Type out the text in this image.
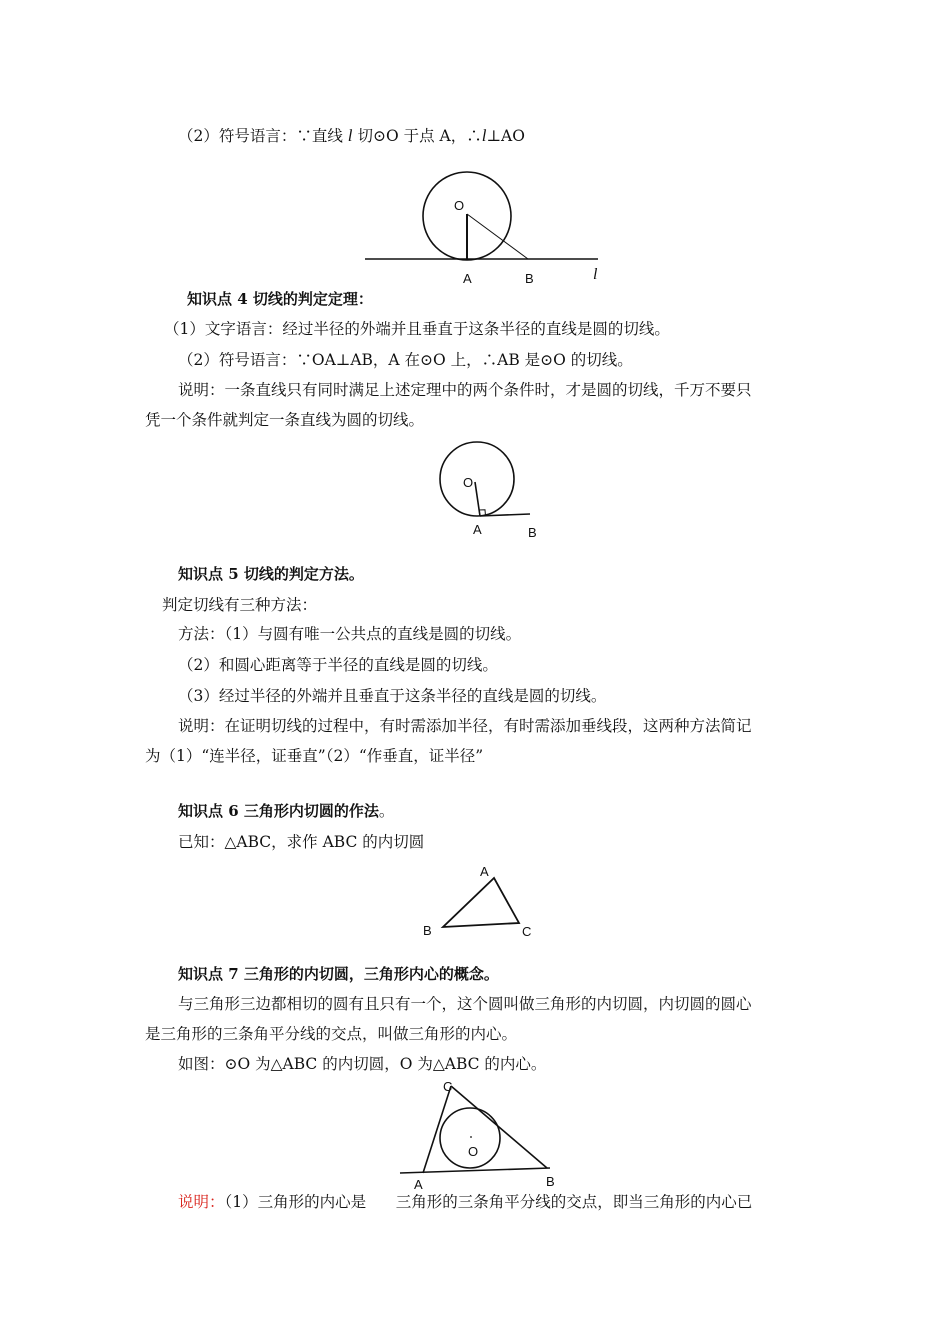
（2）符号语言：∵直线 l 切⊙O 于点 A，∴l⊥AO
O
A	B	l
知识点 4 切线的判定定理：
（1）文字语言：经过半径的外端并且垂直于这条半径的直线是圆的切线。
（2）符号语言：∵OA⊥AB，A 在⊙O 上，∴AB 是⊙O 的切线。
说明：一条直线只有同时满足上述定理中的两个条件时，才是圆的切线，千万不要只
凭一个条件就判定一条直线为圆的切线。
O
A	B
知识点 5 切线的判定方法。
判定切线有三种方法：
方法：（1）与圆有唯一公共点的直线是圆的切线。
（2）和圆心距离等于半径的直线是圆的切线。
（3）经过半径的外端并且垂直于这条半径的直线是圆的切线。
说明：在证明切线的过程中，有时需添加半径，有时需添加垂线段，这两种方法简记
为（1）“连半径，证垂直”（2）“作垂直，证半径”
知识点 6 三角形内切圆的作法。
已知：△ABC，求作 ABC 的内切圆
A
B	C
知识点 7 三角形的内切圆，三角形内心的概念。
与三角形三边都相切的圆有且只有一个，这个圆叫做三角形的内切圆，内切圆的圆心
是三角形的三条角平分线的交点，叫做三角形的内心。
如图：⊙O 为△ABC 的内切圆，O 为△ABC 的内心。
O
A	B
C
说明：（1）三角形的内心是      三角形的三条角平分线的交点，即当三角形的内心已
